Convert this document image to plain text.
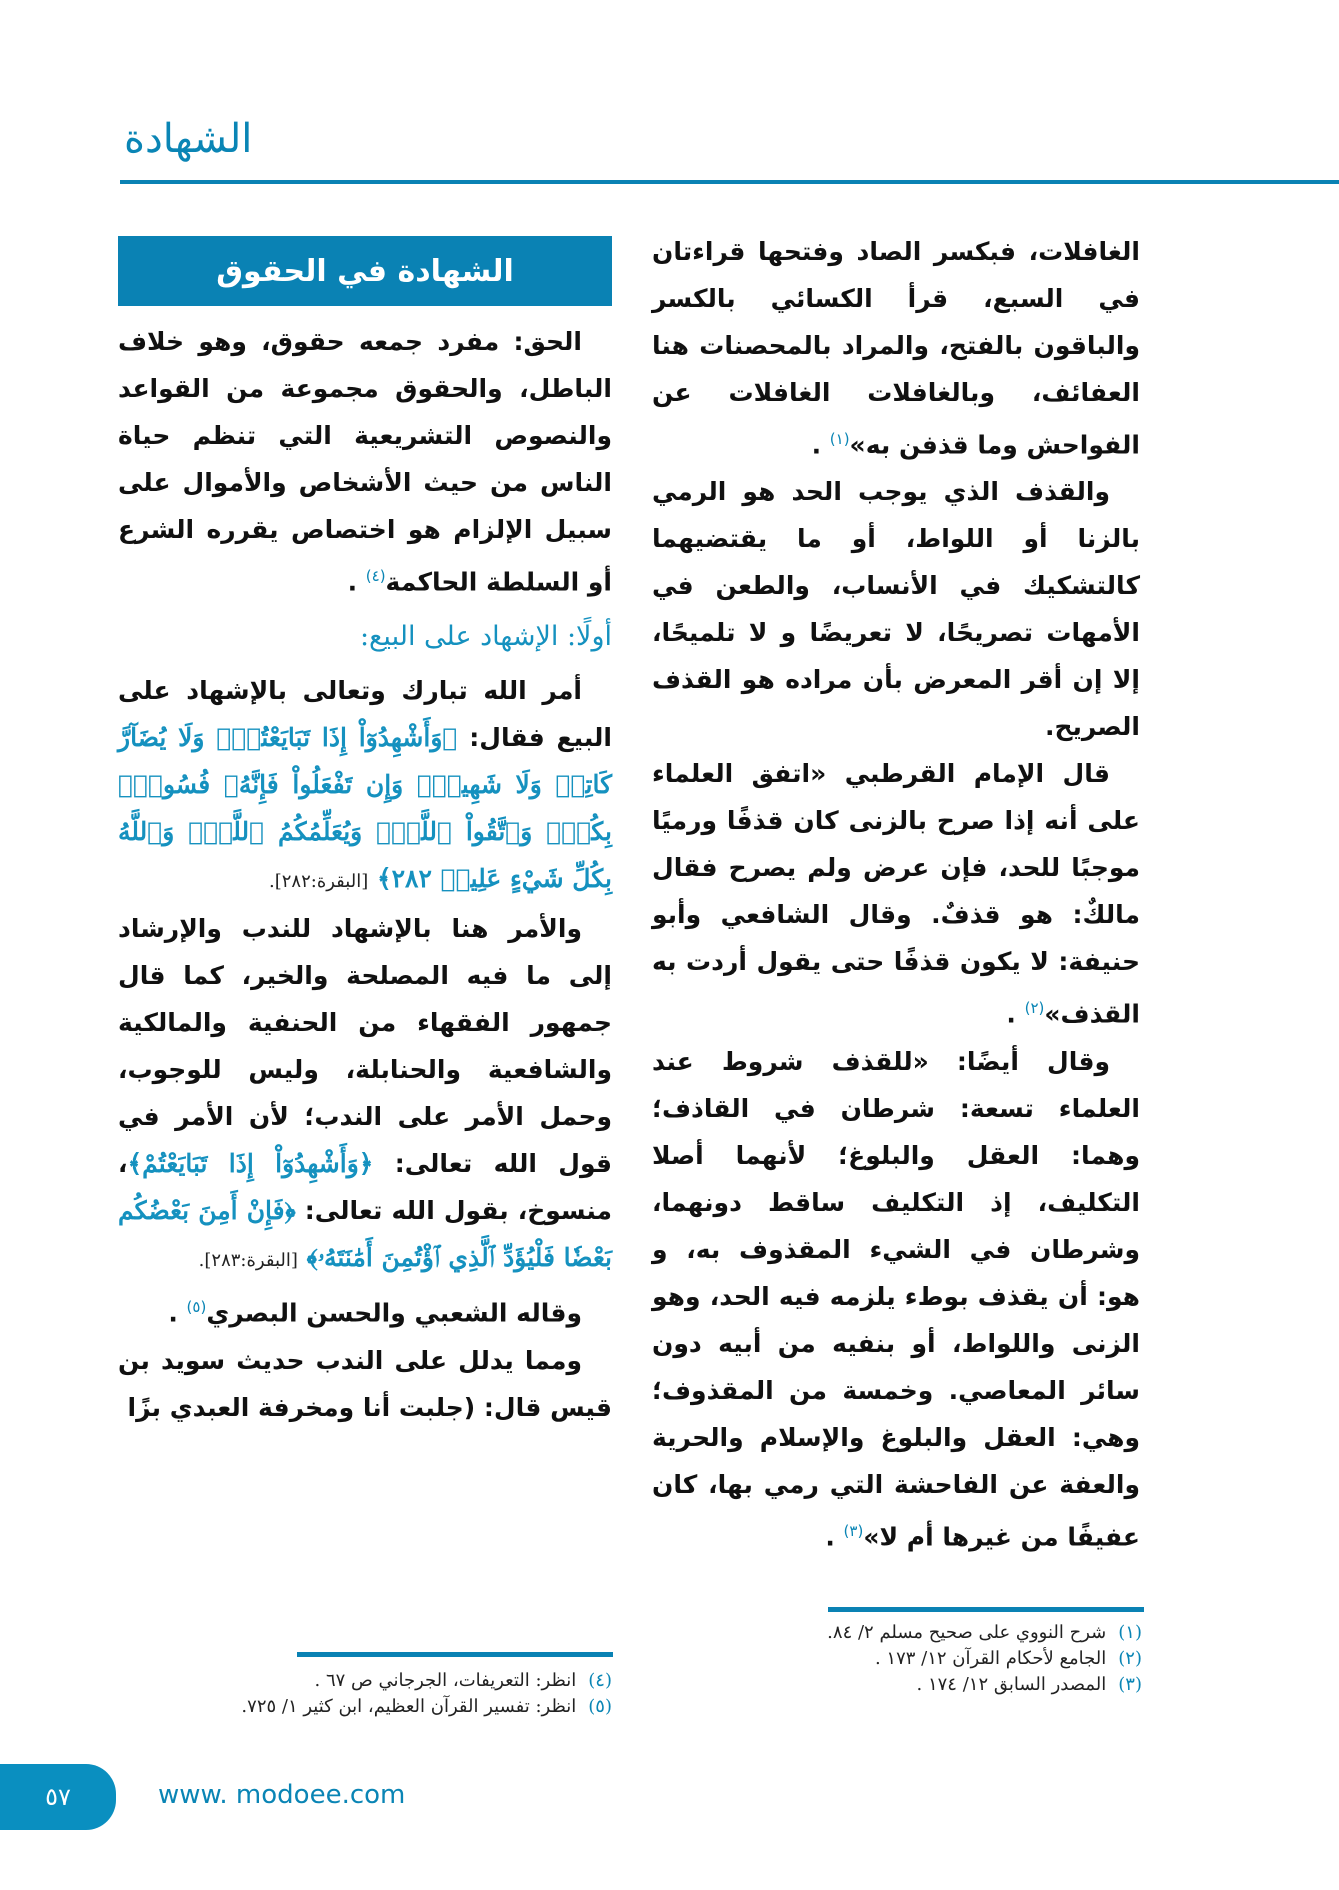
الشهادة

الغافلات، فبكسر الصاد وفتحها قراءتان في السبع، قرأ الكسائي بالكسر والباقون بالفتح، والمراد بالمحصنات هنا العفائف، وبالغافلات الغافلات عن الفواحش وما قذفن به»$^{(١)}$ .

والقذف الذي يوجب الحد هو الرمي بالزنا أو اللواط، أو ما يقتضيهما كالتشكيك في الأنساب، والطعن في الأمهات تصريحًا، لا تعريضًا و لا تلميحًا، إلا إن أقر المعرض بأن مراده هو القذف الصريح.

قال الإمام القرطبي «اتفق العلماء على أنه إذا صرح بالزنى كان قذفًا ورميًا موجبًا للحد، فإن عرض ولم يصرح فقال مالكٌ: هو قذفٌ. وقال الشافعي وأبو حنيفة: لا يكون قذفًا حتى يقول أردت به القذف»$^{(٢)}$ .

وقال أيضًا: «للقذف شروط عند العلماء تسعة: شرطان في القاذف؛ وهما: العقل والبلوغ؛ لأنهما أصلا التكليف، إذ التكليف ساقط دونهما، وشرطان في الشيء المقذوف به، و هو: أن يقذف بوطء يلزمه فيه الحد، وهو الزنى واللواط، أو بنفيه من أبيه دون سائر المعاصي. وخمسة من المقذوف؛ وهي: العقل والبلوغ والإسلام والحرية والعفة عن الفاحشة التي رمي بها، كان عفيفًا من غيرها أم لا»$^{(٣)}$ .

(١)شرح النووي على صحيح مسلم ٢/ ٨٤.
(٢)الجامع لأحكام القرآن ١٢/ ١٧٣ .
(٣)المصدر السابق ١٢/ ١٧٤ .
الشهادة في الحقوق

الحق: مفرد جمعه حقوق، وهو خلاف الباطل، والحقوق مجموعة من القواعد والنصوص التشريعية التي تنظم حياة الناس من حيث الأشخاص والأموال على سبيل الإلزام هو اختصاص يقرره الشرع أو السلطة الحاكمة$^{(٤)}$ .

أولًا: الإشهاد على البيع:

أمر الله تبارك وتعالى بالإشهاد على البيع فقال: ﴿وَأَشْهِدُوٓاْ إِذَا تَبَايَعْتُمْۚ وَلَا يُضَآرَّ كَاتِبٞ وَلَا شَهِيدٞۚ وَإِن تَفْعَلُواْ فَإِنَّهُۥ فُسُوقُۢ بِكُمْۗ وَٱتَّقُواْ ٱللَّهَۖ وَيُعَلِّمُكُمُ ٱللَّهُۗ وَٱللَّهُ بِكُلِّ شَيْءٍ عَلِيمٞ ٢٨٢﴾ [البقرة:٢٨٢].

والأمر هنا بالإشهاد للندب والإرشاد إلى ما فيه المصلحة والخير، كما قال جمهور الفقهاء من الحنفية والمالكية والشافعية والحنابلة، وليس للوجوب، وحمل الأمر على الندب؛ لأن الأمر في قول الله تعالى: ﴿وَأَشْهِدُوٓاْ إِذَا تَبَايَعْتُمْ﴾، منسوخ، بقول الله تعالى: ﴿فَإِنْ أَمِنَ بَعْضُكُم بَعْضٗا فَلْيُؤَدِّ ٱلَّذِي ٱؤْتُمِنَ أَمَٰنَتَهُۥ﴾ [البقرة:٢٨٣].

وقاله الشعبي والحسن البصري$^{(٥)}$ .

ومما يدلل على الندب حديث سويد بن قيس قال: (جلبت أنا ومخرفة العبدي بزًا

(٤)انظر: التعريفات، الجرجاني ص ٦٧ .
(٥)انظر: تفسير القرآن العظيم، ابن كثير ١/ ٧٢٥.
٥٧	www. modoee.com
